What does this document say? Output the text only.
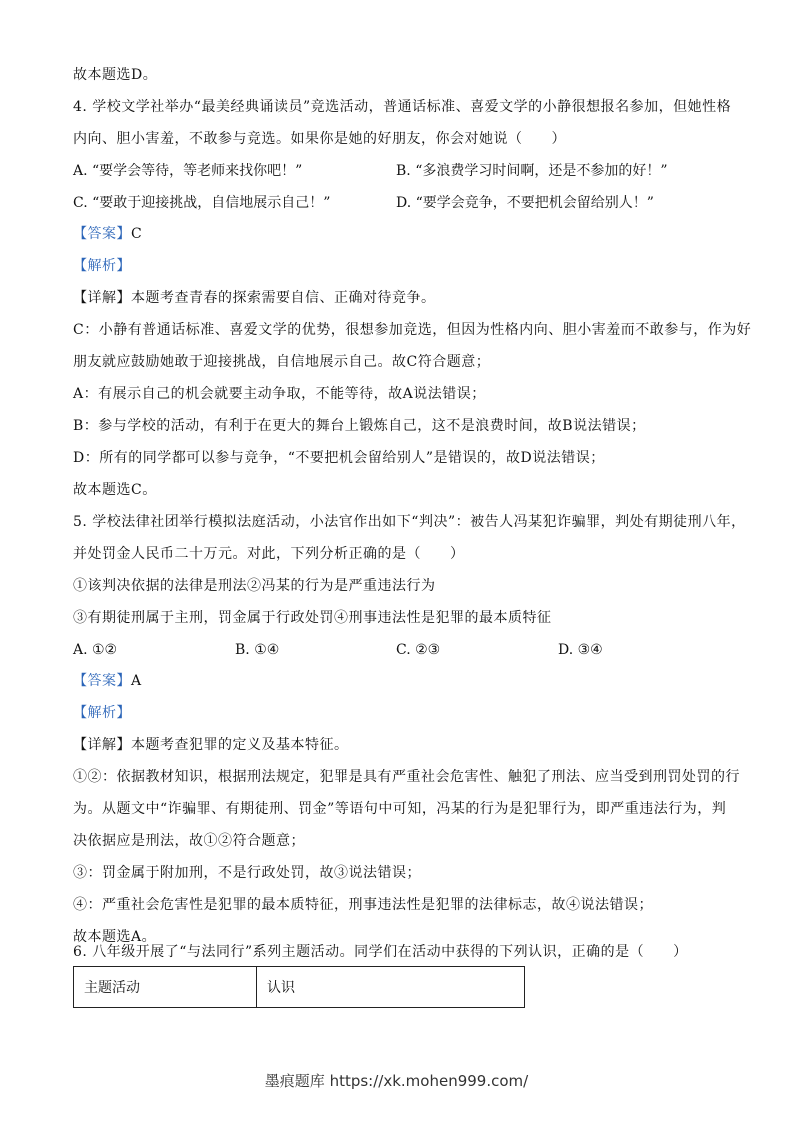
故本题选D。
4. 学校文学社举办“最美经典诵读员”竞选活动，普通话标准、喜爱文学的小静很想报名参加，但她性格
内向、胆小害羞，不敢参与竞选。如果你是她的好朋友，你会对她说（　　）
A. “要学会等待，等老师来找你吧！”	B. “多浪费学习时间啊，还是不参加的好！”
C. “要敢于迎接挑战，自信地展示自己！”	D. “要学会竞争，不要把机会留给别人！”
【答案】C
【解析】
【详解】本题考查青春的探索需要自信、正确对待竞争。
C：小静有普通话标准、喜爱文学的优势，很想参加竞选，但因为性格内向、胆小害羞而不敢参与，作为好
朋友就应鼓励她敢于迎接挑战，自信地展示自己。故C符合题意；
A：有展示自己的机会就要主动争取，不能等待，故A说法错误；
B：参与学校的活动，有利于在更大的舞台上锻炼自己，这不是浪费时间，故B说法错误；
D：所有的同学都可以参与竞争，“不要把机会留给别人”是错误的，故D说法错误；
故本题选C。
5. 学校法律社团举行模拟法庭活动，小法官作出如下“判决”：被告人冯某犯诈骗罪，判处有期徒刑八年，
并处罚金人民币二十万元。对此，下列分析正确的是（　　）
①该判决依据的法律是刑法②冯某的行为是严重违法行为
③有期徒刑属于主刑，罚金属于行政处罚④刑事违法性是犯罪的最本质特征
A. ①②	B. ①④	C. ②③	D. ③④
【答案】A
【解析】
【详解】本题考查犯罪的定义及基本特征。
①②：依据教材知识，根据刑法规定，犯罪是具有严重社会危害性、触犯了刑法、应当受到刑罚处罚的行
为。从题文中“诈骗罪、有期徒刑、罚金”等语句中可知，冯某的行为是犯罪行为，即严重违法行为，判
决依据应是刑法，故①②符合题意；
③：罚金属于附加刑，不是行政处罚，故③说法错误；
④：严重社会危害性是犯罪的最本质特征，刑事违法性是犯罪的法律标志，故④说法错误；
故本题选A。
6. 八年级开展了“与法同行”系列主题活动。同学们在活动中获得的下列认识，正确的是（　　）
主题活动	认识
墨痕题库 https://xk.mohen999.com/
